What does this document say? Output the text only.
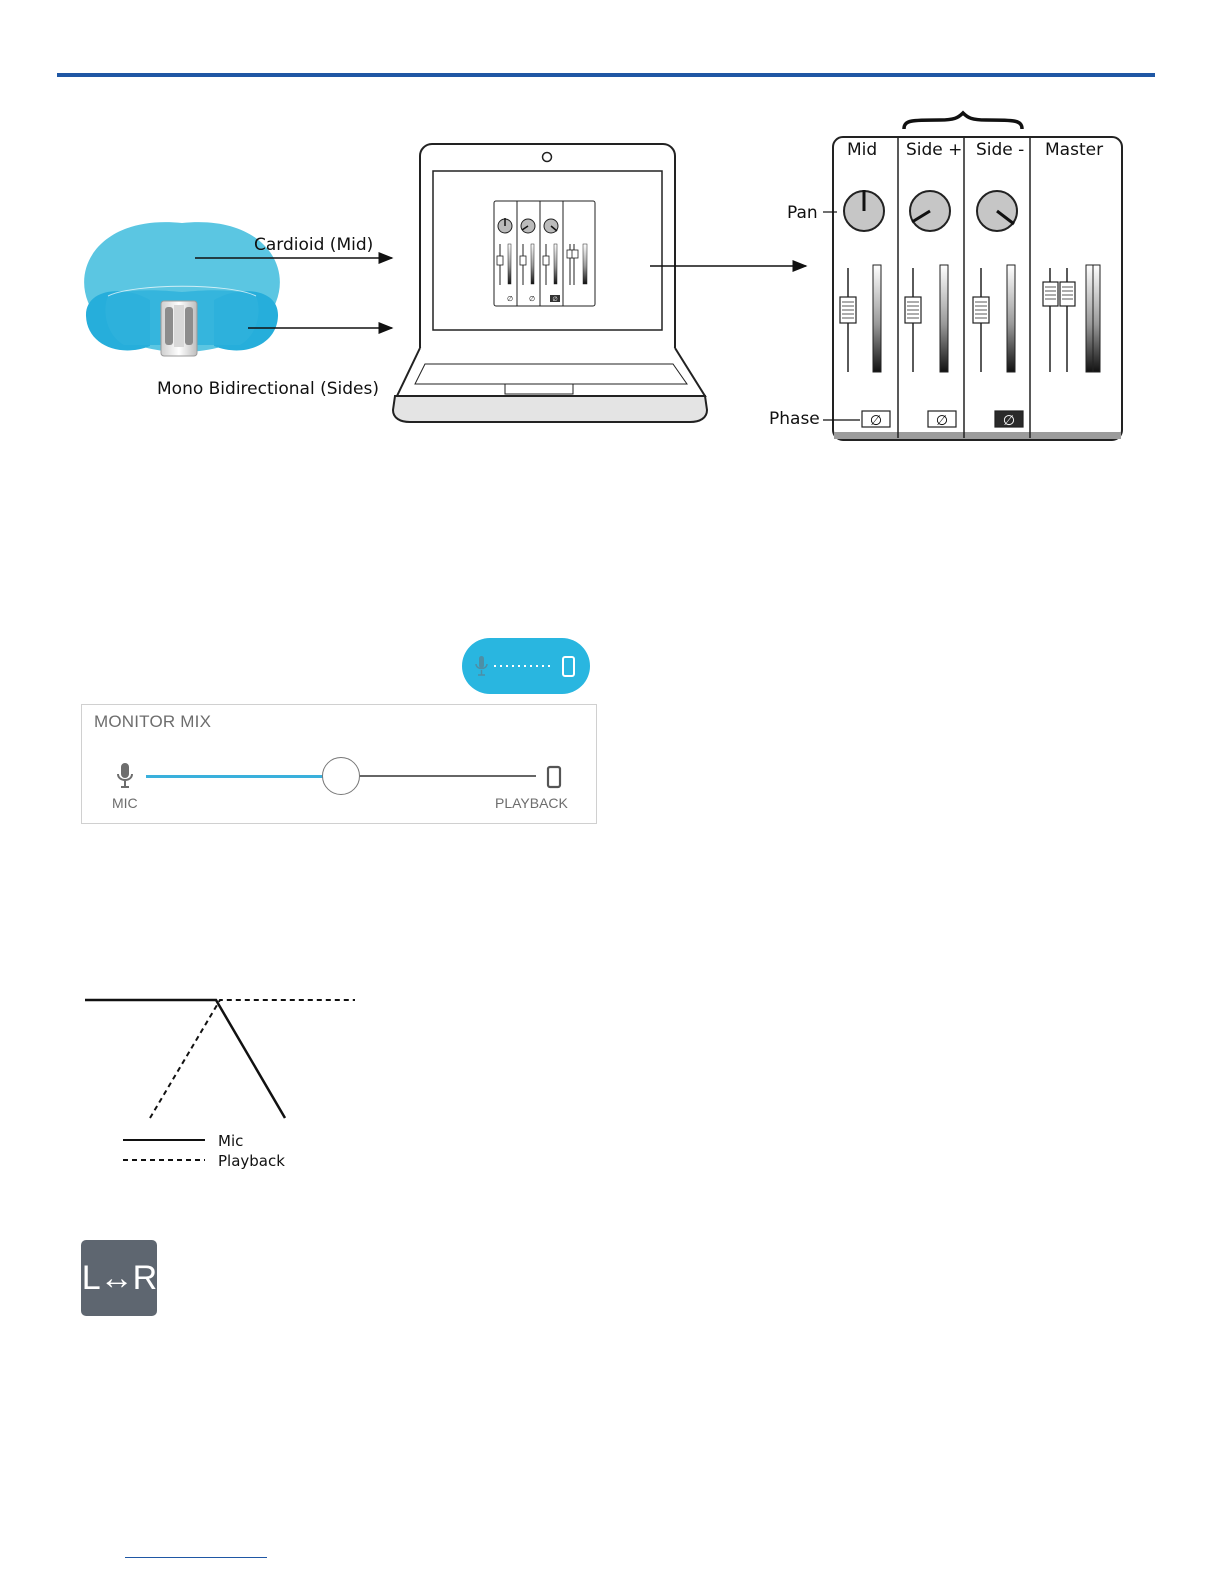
∅ ∅	∅
∅	∅	∅
Cardioid (Mid)
Mono Bidirectional (Sides)
Pan
Phase
Mid Side + Side - Master
MONITOR MIX
MIC	PLAYBACK
Mic
Playback
L↔R
